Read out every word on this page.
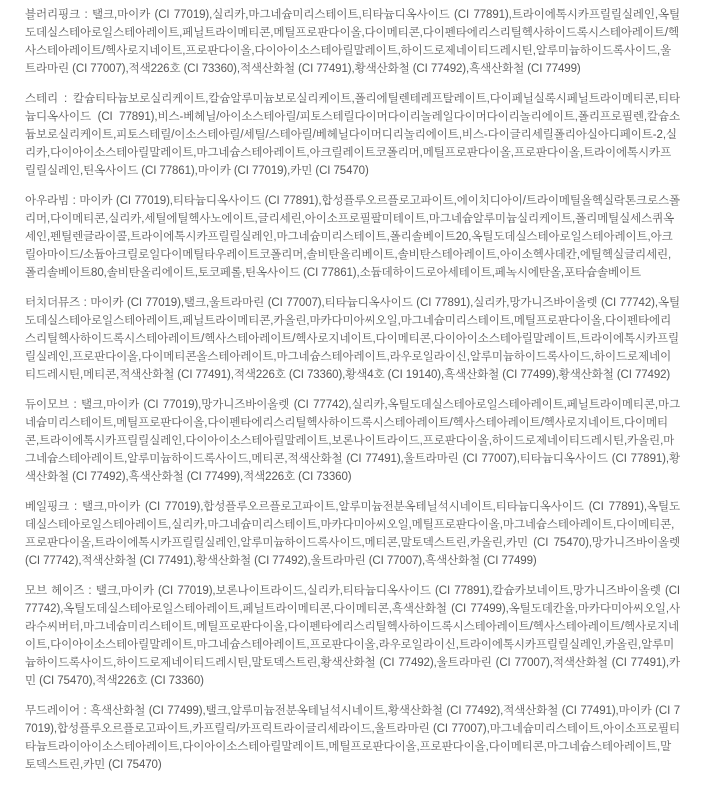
블러리핑크 : 탤크,마이카 (CI 77019),실리카,마그네슘미리스테이트,티타늄디옥사이드 (CI 77891),트라이에톡시카프릴릴실레인,옥틸도데실스테아로일스테아레이트,페닐트라이메티콘,메틸프로판다이올,다이메티콘,다이펜타에리스리틸헥사하이드록시스테아레이트/헥사스테아레이트/헥사로지네이트,프로판다이올,다이아이소스테아릴말레이트,하이드로제네이티드레시틴,알루미늄하이드록사이드,울트라마린 (CI 77007),적색226호 (CI 73360),적색산화철 (CI 77491),황색산화철 (CI 77492),흑색산화철 (CI 77499)

스테리 : 칼슘티타늄보로실리케이트,칼슘알루미늄보로실리케이트,폴리에틸렌테레프탈레이트,다이페닐실록시페닐트라이메티콘,티타늄디옥사이드 (CI 77891),비스-베헤닐/아이소스테아릴/피토스테릴다이머다이리놀레일다이머다이리놀리에이트,폴리프로필렌,칼슘소듐보로실리케이트,피토스테릴/이소스테아릴/세틸/스테아릴/베헤닐다이머디리놀리에이트,비스-다이글리세릴폴리아실아디페이트-2,실리카,다이아이소스테아릴말레이트,마그네슘스테아레이트,아크릴레이트코폴리머,메틸프로판다이올,프로판다이올,트라이에톡시카프릴릴실레인,틴옥사이드 (CI 77861),마이카 (CI 77019),카민 (CI 75470)

아우라빔 : 마이카 (CI 77019),티타늄디옥사이드 (CI 77891),합성플루오르플로고파이트,에이치디아이/트라이메틸올헥실락톤크로스폴리머,다이메티콘,실리카,세틸에틸헥사노에이트,글리세린,아이소프로필팔미테이트,마그네슘알루미늄실리케이트,폴리메틸실세스퀴옥세인,펜틸렌글라이콜,트라이에톡시카프릴릴실레인,마그네슘미리스테이트,폴리솔베이트20,옥틸도데실스테아로일스테아레이트,아크릴아마이드/소듐아크릴로일다이메틸타우레이트코폴리머,솔비탄올리베이트,솔비탄스테아레이트,아이소헥사데칸,에틸헥실글리세린,폴리솔베이트80,솔비탄올리에이트,토코페롤,틴옥사이드 (CI 77861),소듐데하이드로아세테이트,페녹시에탄올,포타슘솔베이트

터치더뮤즈 : 마이카 (CI 77019),탤크,울트라마린 (CI 77007),티타늄디옥사이드 (CI 77891),실리카,망가니즈바이올렛 (CI 77742),옥틸도데실스테아로일스테아레이트,페닐트라이메티콘,카올린,마카다미아씨오일,마그네슘미리스테이트,메틸프로판다이올,다이펜타에리스리틸헥사하이드록시스테아레이트/헥사스테아레이트/헥사로지네이트,다이메티콘,다이아이소스테아릴말레이트,트라이에톡시카프릴릴실레인,프로판다이올,다이메티콘올스테아레이트,마그네슘스테아레이트,라우로일라이신,알루미늄하이드록사이드,하이드로제네이티드레시틴,메티콘,적색산화철 (CI 77491),적색226호 (CI 73360),황색4호 (CI 19140),흑색산화철 (CI 77499),황색산화철 (CI 77492)

듀이모브 : 탤크,마이카 (CI 77019),망가니즈바이올렛 (CI 77742),실리카,옥틸도데실스테아로일스테아레이트,페닐트라이메티콘,마그네슘미리스테이트,메틸프로판다이올,다이펜타에리스리틸헥사하이드록시스테아레이트/헥사스테아레이트/헥사로지네이트,다이메티콘,트라이에톡시카프릴릴실레인,다이아이소스테아릴말레이트,보론나이트라이드,프로판다이올,하이드로제네이티드레시틴,카올린,마그네슘스테아레이트,알루미늄하이드록사이드,메티콘,적색산화철 (CI 77491),울트라마린 (CI 77007),티타늄디옥사이드 (CI 77891),황색산화철 (CI 77492),흑색산화철 (CI 77499),적색226호 (CI 73360)

베일핑크 : 탤크,마이카 (CI 77019),합성플루오르플로고파이트,알루미늄전분옥테닐석시네이트,티타늄디옥사이드 (CI 77891),옥틸도데실스테아로일스테아레이트,실리카,마그네슘미리스테이트,마카다미아씨오일,메틸프로판다이올,마그네슘스테아레이트,다이메티콘,프로판다이올,트라이에톡시카프릴릴실레인,알루미늄하이드록사이드,메티콘,말토덱스트린,카올린,카민 (CI 75470),망가니즈바이올렛 (CI 77742),적색산화철 (CI 77491),황색산화철 (CI 77492),울트라마린 (CI 77007),흑색산화철 (CI 77499)

모브 헤이즈 : 탤크,마이카 (CI 77019),보론나이트라이드,실리카,티타늄디옥사이드 (CI 77891),칼슘카보네이트,망가니즈바이올렛 (CI 77742),옥틸도데실스테아로일스테아레이트,페닐트라이메티콘,다이메티콘,흑색산화철 (CI 77499),옥틸도데칸올,마카다미아씨오일,사라수씨버터,마그네슘미리스테이트,메틸프로판다이올,다이펜타에리스리틸헥사하이드록시스테아레이트/헥사스테아레이트/헥사로지네이트,다이아이소스테아릴말레이트,마그네슘스테아레이트,프로판다이올,라우로일라이신,트라이에톡시카프릴릴실레인,카올린,알루미늄하이드록사이드,하이드로제네이티드레시틴,말토덱스트린,황색산화철 (CI 77492),울트라마린 (CI 77007),적색산화철 (CI 77491),카민 (CI 75470),적색226호 (CI 73360)

무드레이어 : 흑색산화철 (CI 77499),탤크,알루미늄전분옥테닐석시네이트,황색산화철 (CI 77492),적색산화철 (CI 77491),마이카 (CI 77019),합성플루오르플로고파이트,카프릴릭/카프릭트라이글리세라이드,울트라마린 (CI 77007),마그네슘미리스테이트,아이소프로필티타늄트라이아이소스테아레이트,다이아이소스테아릴말레이트,메틸프로판다이올,프로판다이올,다이메티콘,마그네슘스테아레이트,말토덱스트린,카민 (CI 75470)
